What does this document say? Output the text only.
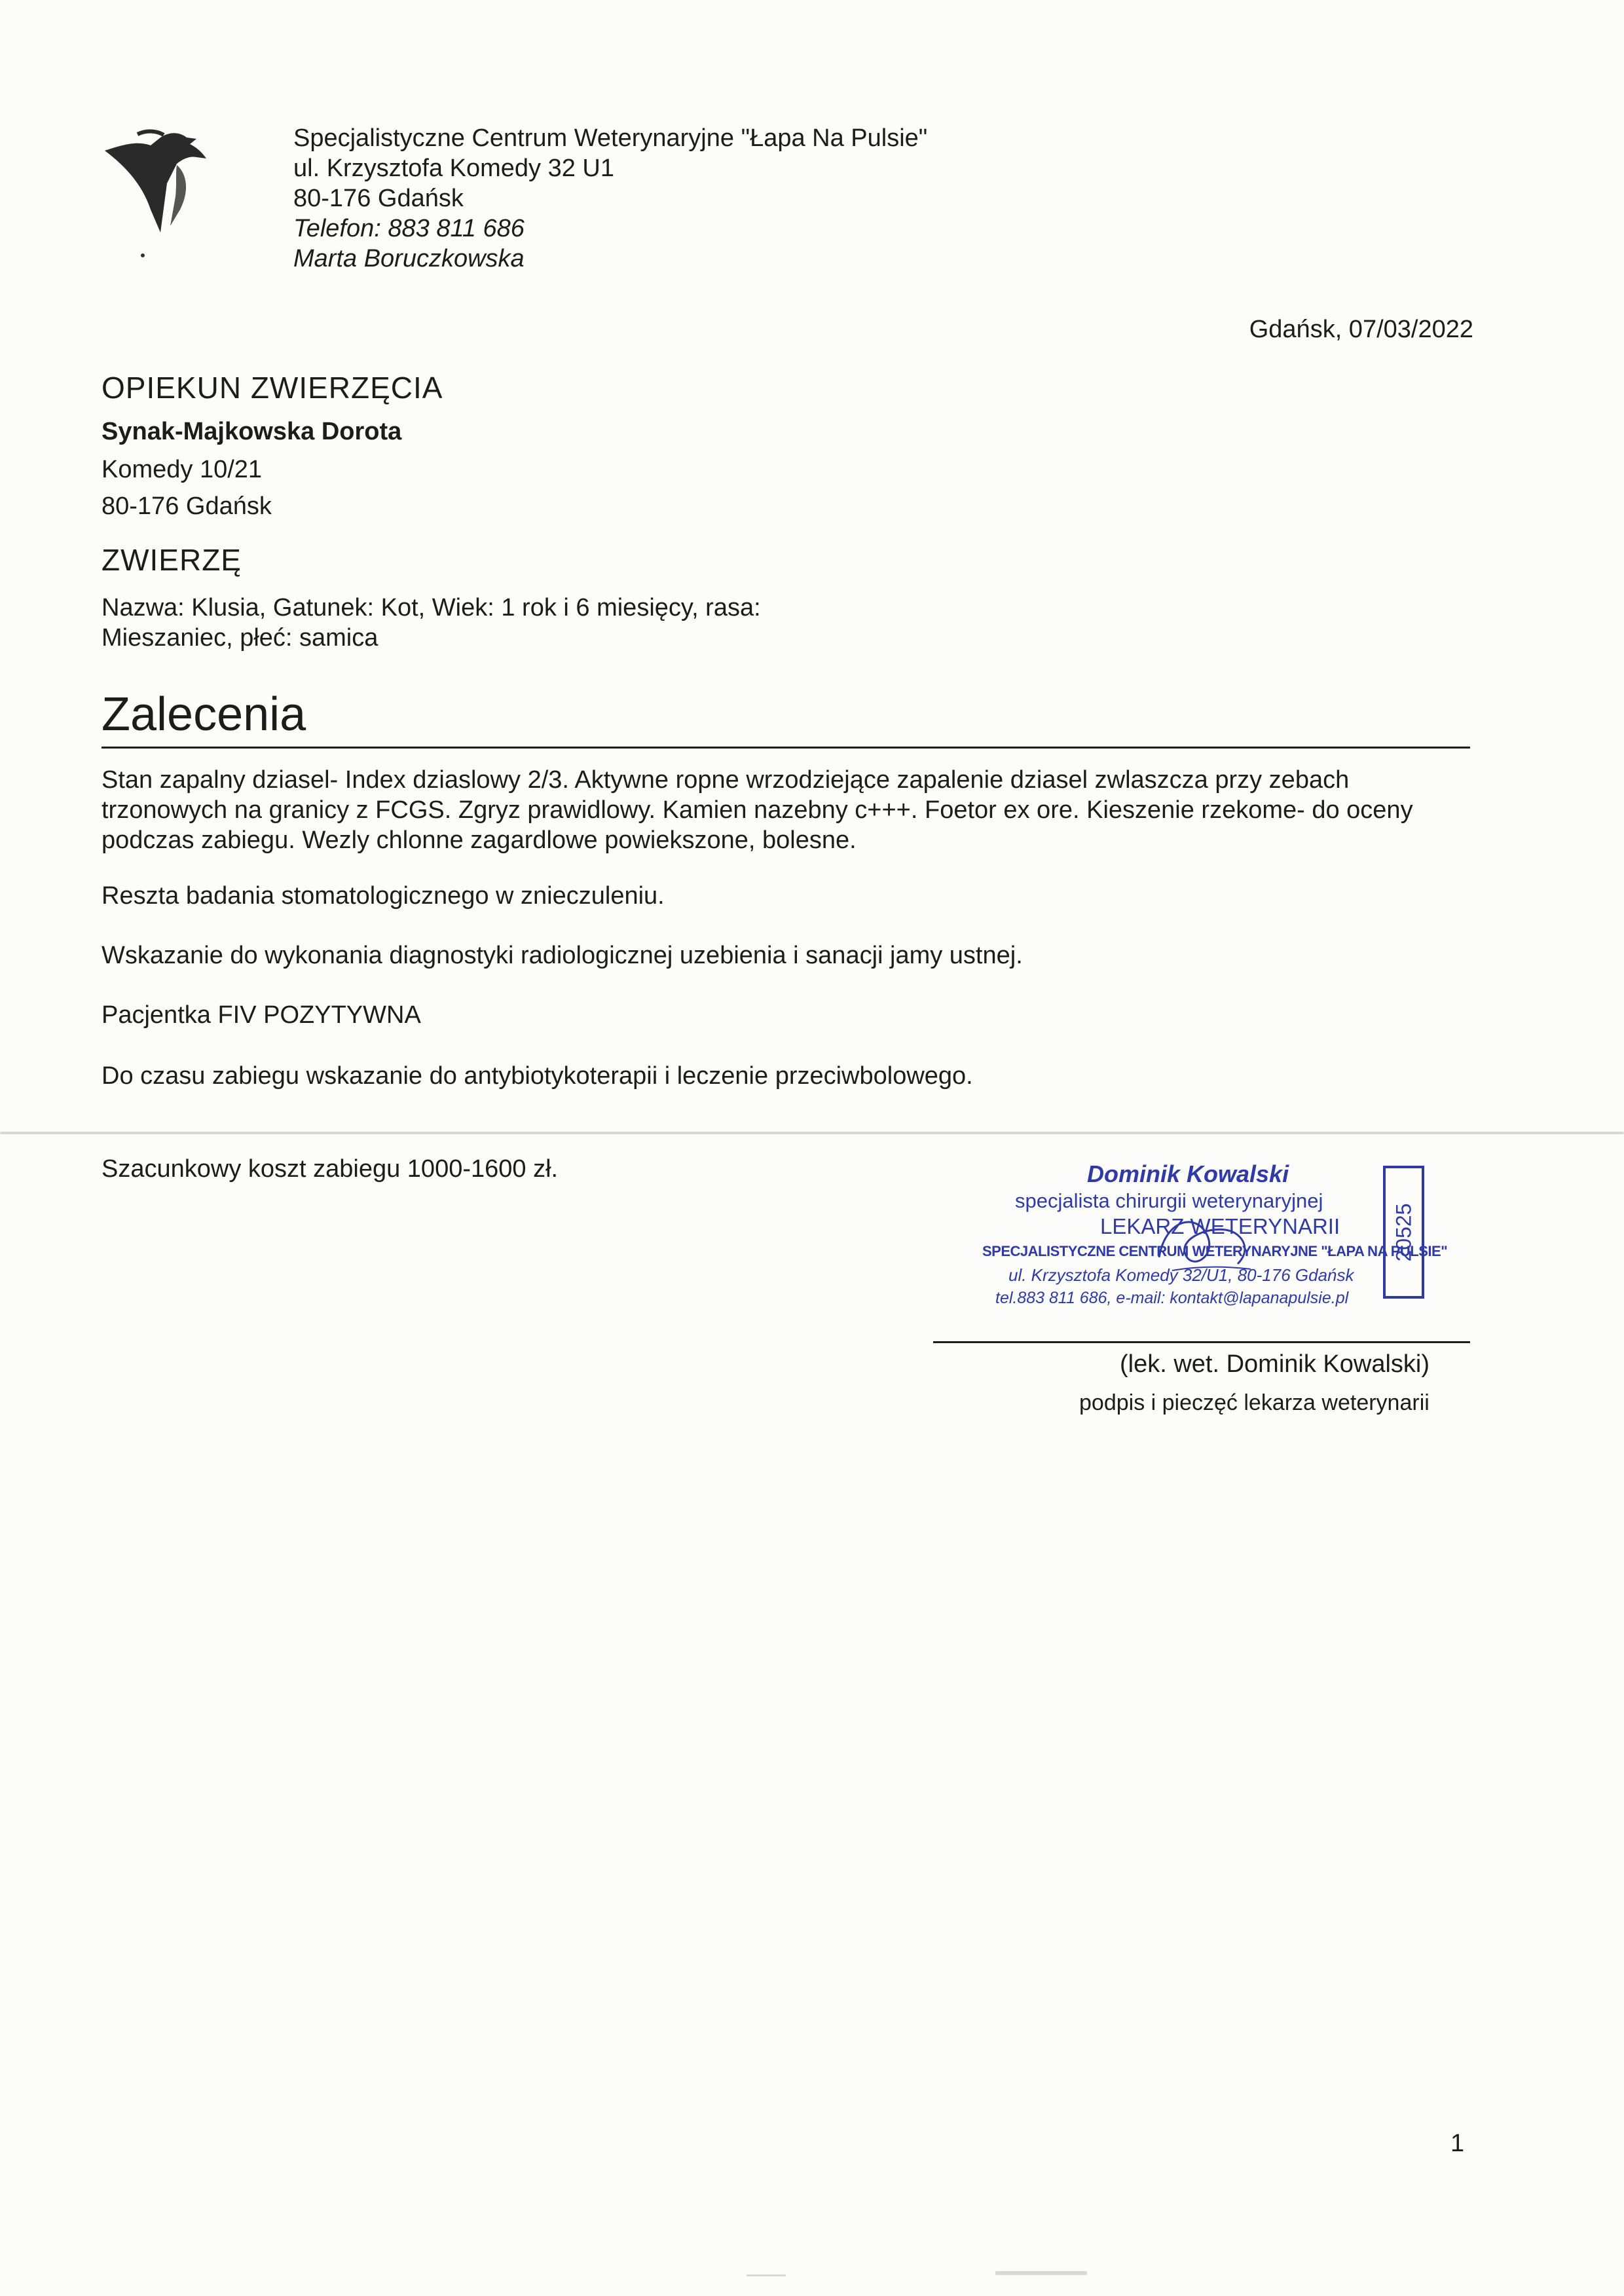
Specjalistyczne Centrum Weterynaryjne "Łapa Na Pulsie"
ul. Krzysztofa Komedy 32 U1
80-176 Gdańsk
Telefon: 883 811 686
Marta Boruczkowska
Gdańsk, 07/03/2022
OPIEKUN ZWIERZĘCIA
Synak-Majkowska Dorota
Komedy 10/21
80-176 Gdańsk
ZWIERZĘ
Nazwa: Klusia, Gatunek: Kot, Wiek: 1 rok i 6 miesięcy, rasa:
Mieszaniec, płeć: samica
Zalecenia
Stan zapalny dziasel- Index dziaslowy 2/3. Aktywne ropne wrzodziejące zapalenie dziasel zwlaszcza przy zebach trzonowych na granicy z FCGS. Zgryz prawidlowy. Kamien nazebny c+++. Foetor ex ore. Kieszenie rzekome- do oceny podczas zabiegu. Wezly chlonne zagardlowe powiekszone, bolesne.
Reszta badania stomatologicznego w znieczuleniu.
Wskazanie do wykonania diagnostyki radiologicznej uzebienia i sanacji jamy ustnej.
Pacjentka FIV POZYTYWNA
Do czasu zabiegu wskazanie do antybiotykoterapii i leczenie przeciwbolowego.
Szacunkowy koszt zabiegu 1000-1600 zł.	Dominik Kowalski
specjalista chirurgii weterynaryjnej
LEKARZ WETERYNARII
SPECJALISTYCZNE CENTRUM WETERYNARYJNE "ŁAPA NA PULSIE"
ul. Krzysztofa Komedy 32/U1, 80-176 Gdańsk
tel.883 811 686, e-mail: kontakt@lapanapulsie.pl
20525
(lek. wet. Dominik Kowalski)
podpis i pieczęć lekarza weterynarii
1
